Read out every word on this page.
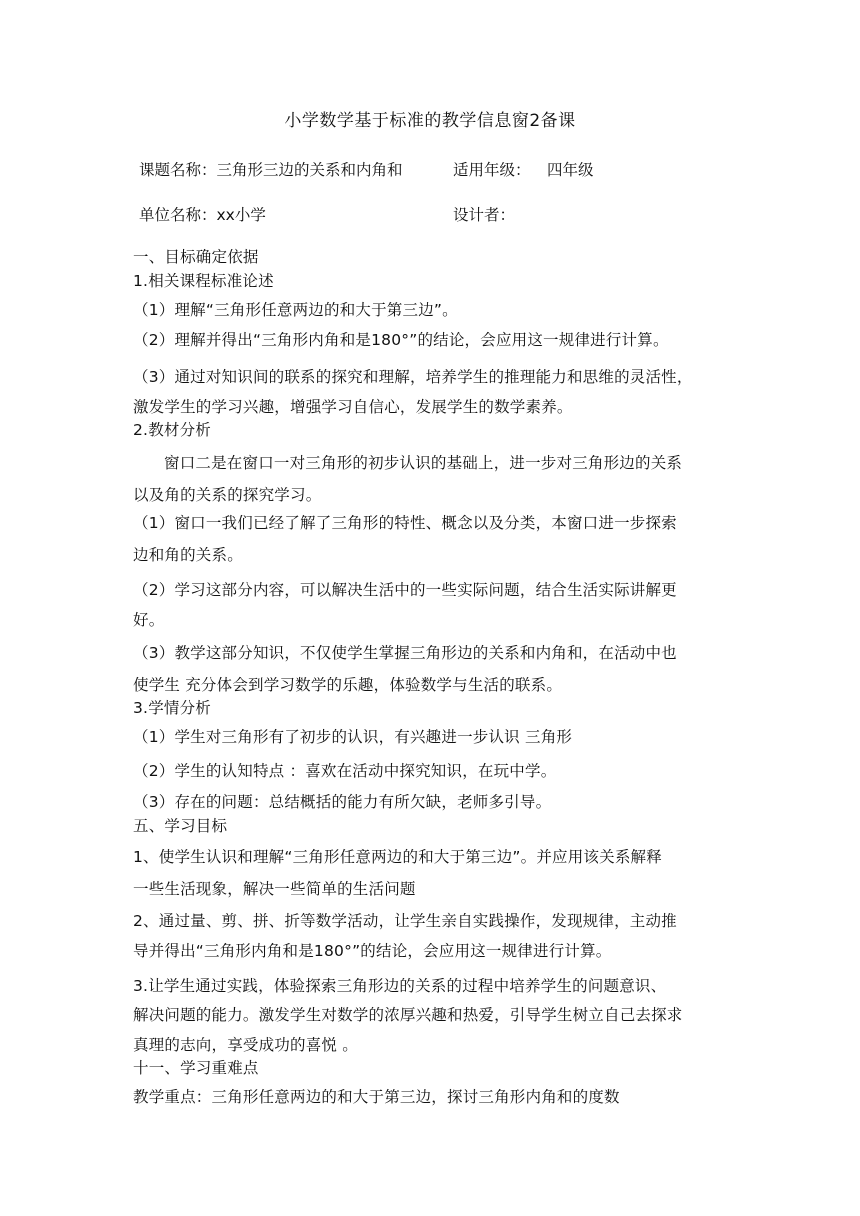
小学数学基于标准的教学信息窗2备课
课题名称：三角形三边的关系和内角和	适用年级： 四年级
单位名称：xx小学	设计者：
一、目标确定依据
1.相关课程标准论述
（1）理解“三角形任意两边的和大于第三边”。
（2）理解并得出“三角形内角和是180°”的结论，会应用这一规律进行计算。
（3）通过对知识间的联系的探究和理解，培养学生的推理能力和思维的灵活性，
激发学生的学习兴趣，增强学习自信心，发展学生的数学素养。
2.教材分析
窗口二是在窗口一对三角形的初步认识的基础上，进一步对三角形边的关系
以及角的关系的探究学习。
（1）窗口一我们已经了解了三角形的特性、概念以及分类，本窗口进一步探索
边和角的关系。
（2）学习这部分内容，可以解决生活中的一些实际问题，结合生活实际讲解更
好。
（3）教学这部分知识，不仅使学生掌握三角形边的关系和内角和，在活动中也
使学生 充分体会到学习数学的乐趣，体验数学与生活的联系。
3.学情分析
（1）学生对三角形有了初步的认识，有兴趣进一步认识 三角形
（2）学生的认知特点 ：喜欢在活动中探究知识，在玩中学。
（3）存在的问题：总结概括的能力有所欠缺，老师多引导。
五、学习目标
1、使学生认识和理解“三角形任意两边的和大于第三边”。并应用该关系解释
一些生活现象，解决一些简单的生活问题
2、通过量、剪、拼、折等数学活动，让学生亲自实践操作，发现规律，主动推
导并得出“三角形内角和是180°”的结论，会应用这一规律进行计算。
3.让学生通过实践，体验探索三角形边的关系的过程中培养学生的问题意识、
解决问题的能力。激发学生对数学的浓厚兴趣和热爱，引导学生树立自己去探求
真理的志向，享受成功的喜悦 。
十一、学习重难点
教学重点：三角形任意两边的和大于第三边，探讨三角形内角和的度数
